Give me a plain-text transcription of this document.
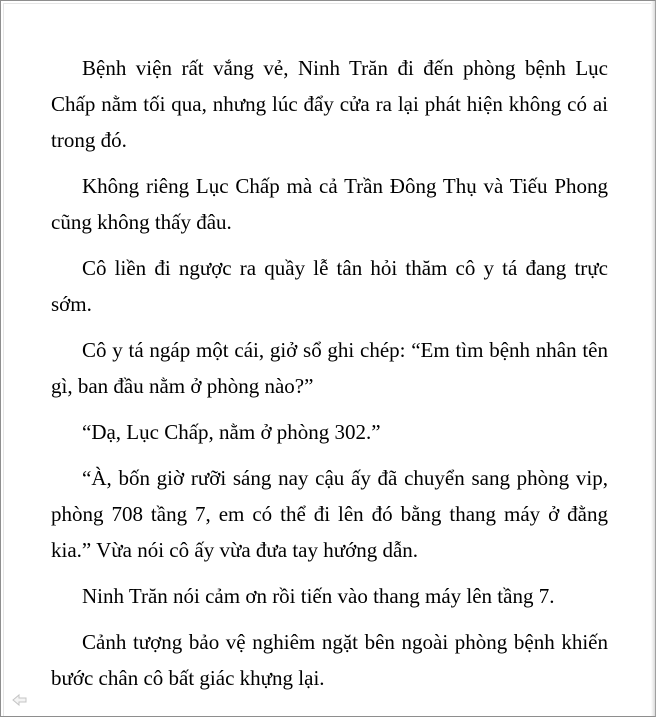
Bệnh viện rất vắng vẻ, Ninh Trăn đi đến phòng bệnh Lục Chấp nằm tối qua, nhưng lúc đẩy cửa ra lại phát hiện không có ai trong đó.

Không riêng Lục Chấp mà cả Trần Đông Thụ và Tiếu Phong cũng không thấy đâu.

Cô liền đi ngược ra quầy lễ tân hỏi thăm cô y tá đang trực sớm.

Cô y tá ngáp một cái, giở sổ ghi chép: “Em tìm bệnh nhân tên gì, ban đầu nằm ở phòng nào?”

“Dạ, Lục Chấp, nằm ở phòng 302.”

“À, bốn giờ rưỡi sáng nay cậu ấy đã chuyển sang phòng vip, phòng 708 tầng 7, em có thể đi lên đó bằng thang máy ở đằng kia.” Vừa nói cô ấy vừa đưa tay hướng dẫn.

Ninh Trăn nói cảm ơn rồi tiến vào thang máy lên tầng 7.

Cảnh tượng bảo vệ nghiêm ngặt bên ngoài phòng bệnh khiến bước chân cô bất giác khựng lại.
